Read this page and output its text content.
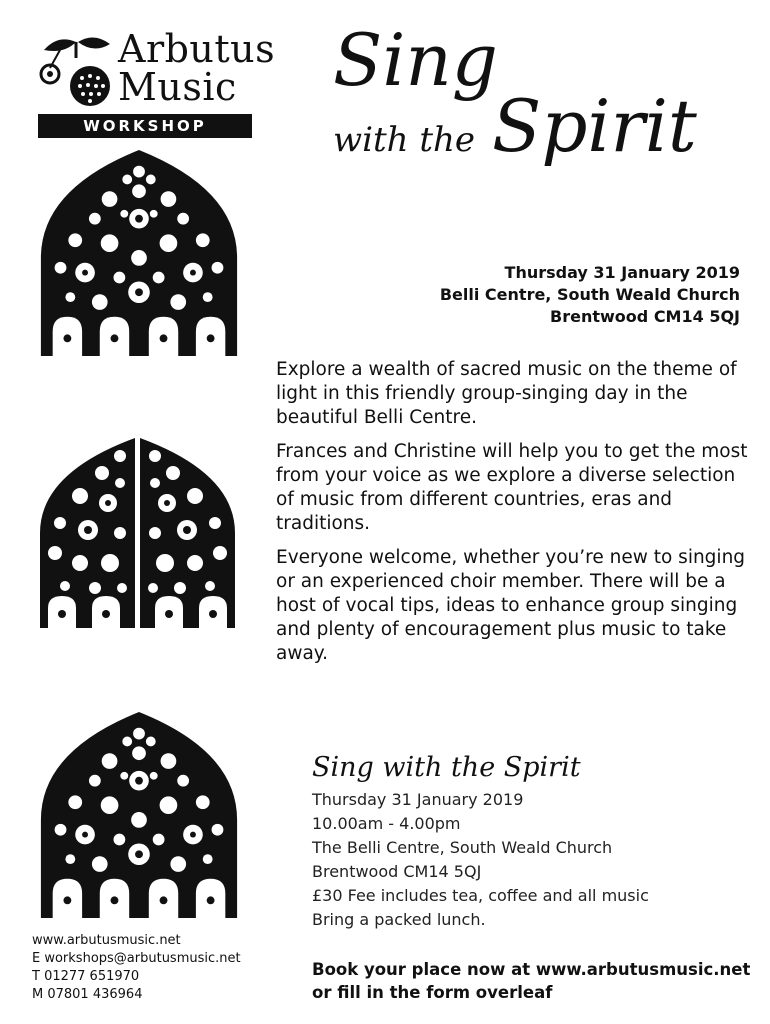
Arbutus
Music
WORKSHOP
Sing
with the Spirit
Thursday 31 January 2019
Belli Centre, South Weald Church
Brentwood CM14 5QJ

Explore a wealth of sacred music on the theme of light in this friendly group-singing day in the beautiful Belli Centre.

Frances and Christine will help you to get the most from your voice as we explore a diverse selection of music from different countries, eras and traditions.

Everyone welcome, whether you’re new to singing or an experienced choir member. There will be a host of vocal tips, ideas to enhance group singing and plenty of encouragement plus music to take away.

Sing with the Spirit
Thursday 31 January 2019
10.00am - 4.00pm
The Belli Centre, South Weald Church
Brentwood CM14 5QJ
£30 Fee includes tea, coffee and all music
Bring a packed lunch.
Book your place now at www.arbutusmusic.net
or fill in the form overleaf
www.arbutusmusic.net
E workshops@arbutusmusic.net
T 01277 651970
M 07801 436964
